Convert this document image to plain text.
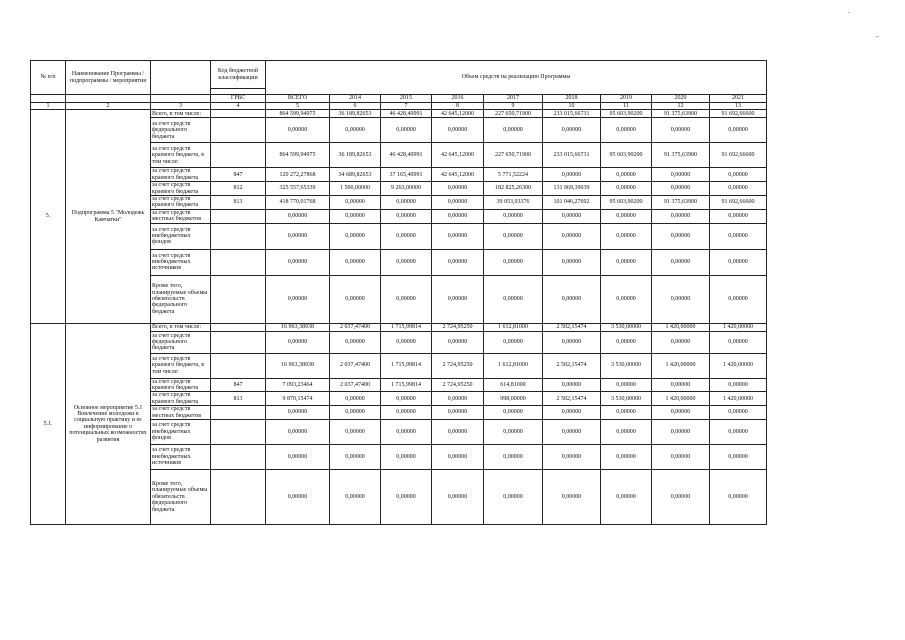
.
-
№ п/п	Наименование Программы / подпрограммы / мероприятия		Код бюджетной классификации	Объем средств на реализацию Программы								

			ГРБС	ВСЕГО	2014	2015	2016	2017	2018	2019	2020	2021
1	2	3	4	5	6	7	8	9	10	11	12	13
5.	Подпрограмма 5 "Молодежь Камчатки"	Всего, в том числе:		864 599,94975	36 189,82653	46 428,40991	42 645,12000	227 650,71900	233 015,66731	95 603,90200	91 375,63900	91 692,66600
		за счет средств федерального бюджета		0,00000	0,00000	0,00000	0,00000	0,00000	0,00000	0,00000	0,00000	0,00000
		за счет средств краевого бюджета, в том числе:		864 599,94975	36 189,82653	46 428,40991	42 645,12000	227 650,71900	233 015,66731	95 603,90200	91 375,63900	91 692,66600
		за счет средств краевого бюджета	847	120 272,27868	34 689,82653	37 165,40991	42 645,12000	5 771,52224	0,00000	0,00000	0,00000	0,00000
		за счет средств краевого бюджета	812	325 557,65339	1 500,00000	9 263,00000	0,00000	182 825,26300	131 969,39039	0,00000	0,00000	0,00000
		за счет средств краевого бюджета	813	418 770,01768	0,00000	0,00000	0,00000	39 053,93376	101 046,27692	95 603,90200	91 375,63900	91 692,66600
		за счет средств местных бюджетов		0,00000	0,00000	0,00000	0,00000	0,00000	0,00000	0,00000	0,00000	0,00000
		за счет средств внебюджетных фондов		0,00000	0,00000	0,00000	0,00000	0,00000	0,00000	0,00000	0,00000	0,00000
		за счет средств внебюджетных источников		0,00000	0,00000	0,00000	0,00000	0,00000	0,00000	0,00000	0,00000	0,00000
		Кроме того, планируемые объемы обязательств федерального бюджета		0,00000	0,00000	0,00000	0,00000	0,00000	0,00000	0,00000	0,00000	0,00000
5.1.	Основное мероприятие 5.1 Вовлечение молодежи в социальную практику и ее информирование о потенциальных возможностях развития	Всего, в том числе:		16 963,38938	2 037,47400	1 715,99814	2 724,95250	1 612,81000	2 502,15474	3 530,00000	1 420,00000	1 420,00000
		за счет средств федерального бюджета		0,00000	0,00000	0,00000	0,00000	0,00000	0,00000	0,00000	0,00000	0,00000
		за счет средств краевого бюджета, в том числе:		16 963,38938	2 037,47400	1 715,99814	2 724,95250	1 612,81000	2 502,15474	3 530,00000	1 420,00000	1 420,00000
		за счет средств краевого бюджета	847	7 093,23464	2 037,47400	1 715,99814	2 724,95250	614,81000	0,00000	0,00000	0,00000	0,00000
		за счет средств краевого бюджета	813	9 870,15474	0,00000	0,00000	0,00000	998,00000	2 502,15474	3 530,00000	1 420,00000	1 420,00000
		за счет средств местных бюджетов		0,00000	0,00000	0,00000	0,00000	0,00000	0,00000	0,00000	0,00000	0,00000
		за счет средств внебюджетных фондов		0,00000	0,00000	0,00000	0,00000	0,00000	0,00000	0,00000	0,00000	0,00000
		за счет средств внебюджетных источников		0,00000	0,00000	0,00000	0,00000	0,00000	0,00000	0,00000	0,00000	0,00000
		Кроме того, планируемые объемы обязательств федерального бюджета		0,00000	0,00000	0,00000	0,00000	0,00000	0,00000	0,00000	0,00000	0,00000
